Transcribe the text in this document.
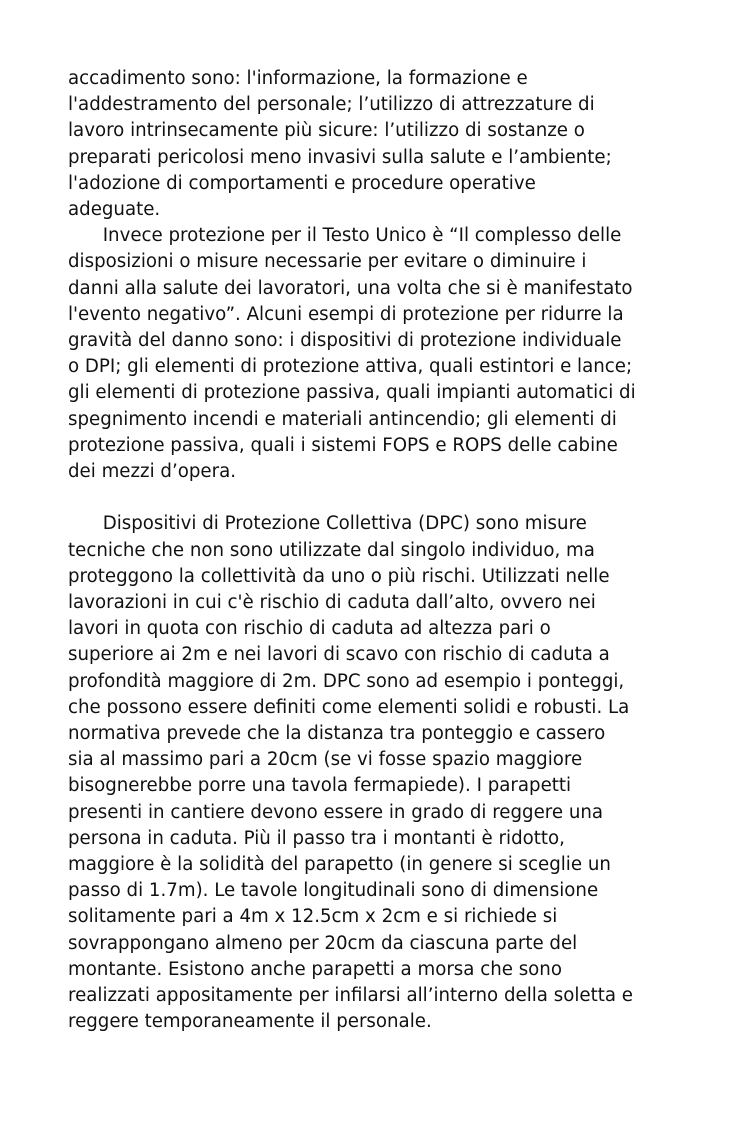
accadimento sono: l'informazione, la formazione e
l'addestramento del personale; l’utilizzo di attrezzature di
lavoro intrinsecamente più sicure: l’utilizzo di sostanze o
preparati pericolosi meno invasivi sulla salute e l’ambiente;
l'adozione di comportamenti e procedure operative
adeguate.
Invece protezione per il Testo Unico è “Il complesso delle
disposizioni o misure necessarie per evitare o diminuire i
danni alla salute dei lavoratori, una volta che si è manifestato
l'evento negativo”. Alcuni esempi di protezione per ridurre la
gravità del danno sono: i dispositivi di protezione individuale
o DPI; gli elementi di protezione attiva, quali estintori e lance;
gli elementi di protezione passiva, quali impianti automatici di
spegnimento incendi e materiali antincendio; gli elementi di
protezione passiva, quali i sistemi FOPS e ROPS delle cabine
dei mezzi d’opera.
Dispositivi di Protezione Collettiva (DPC) sono misure
tecniche che non sono utilizzate dal singolo individuo, ma
proteggono la collettività da uno o più rischi. Utilizzati nelle
lavorazioni in cui c'è rischio di caduta dall’alto, ovvero nei
lavori in quota con rischio di caduta ad altezza pari o
superiore ai 2m e nei lavori di scavo con rischio di caduta a
profondità maggiore di 2m. DPC sono ad esempio i ponteggi,
che possono essere definiti come elementi solidi e robusti. La
normativa prevede che la distanza tra ponteggio e cassero
sia al massimo pari a 20cm (se vi fosse spazio maggiore
bisognerebbe porre una tavola fermapiede). I parapetti
presenti in cantiere devono essere in grado di reggere una
persona in caduta. Più il passo tra i montanti è ridotto,
maggiore è la solidità del parapetto (in genere si sceglie un
passo di 1.7m). Le tavole longitudinali sono di dimensione
solitamente pari a 4m x 12.5cm x 2cm e si richiede si
sovrappongano almeno per 20cm da ciascuna parte del
montante. Esistono anche parapetti a morsa che sono
realizzati appositamente per infilarsi all’interno della soletta e
reggere temporaneamente il personale.
